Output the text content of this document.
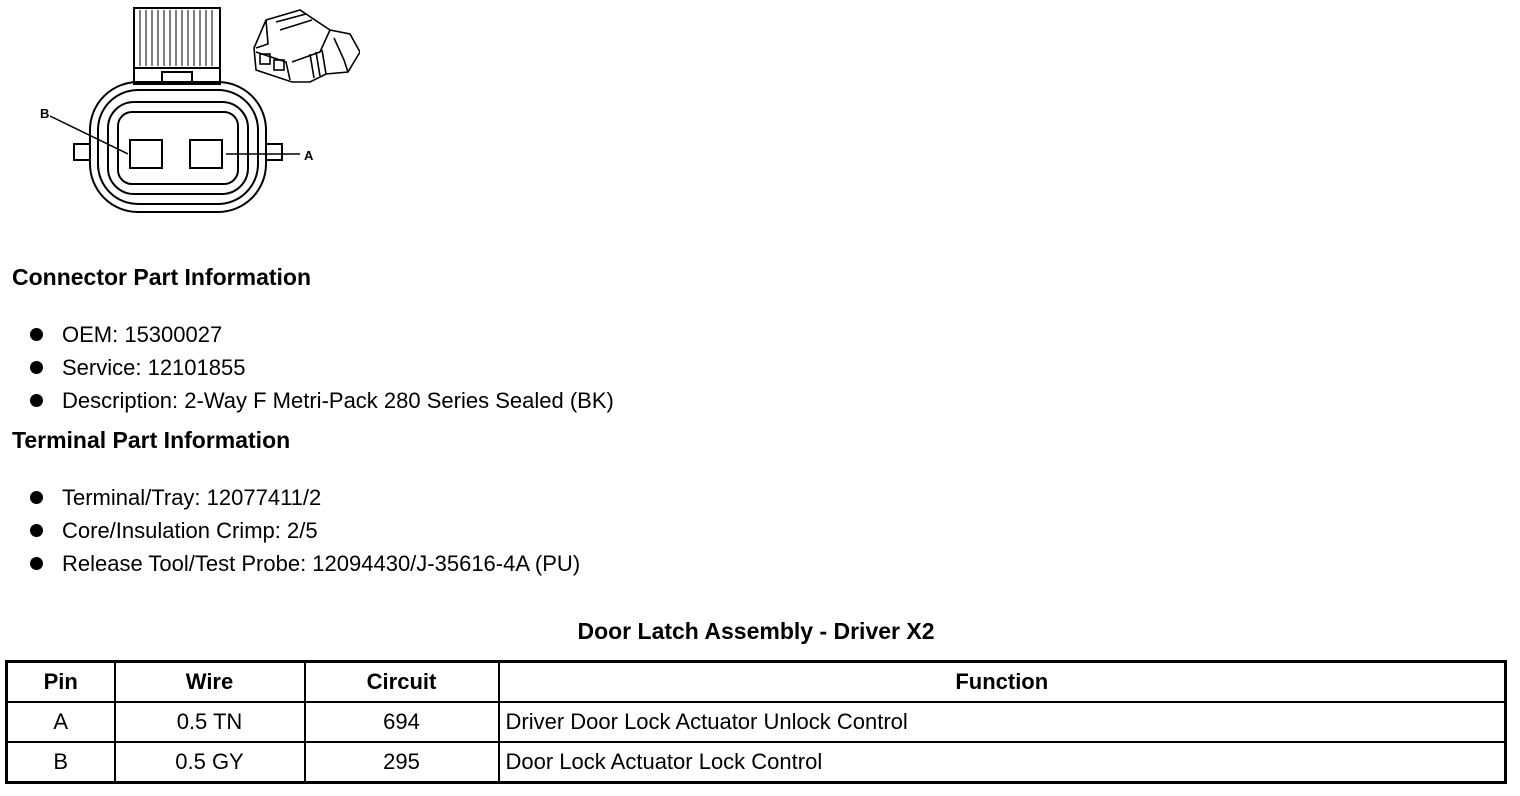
B
A
Connector Part Information
OEM: 15300027
Service: 12101855
Description: 2-Way F Metri-Pack 280 Series Sealed (BK)
Terminal Part Information
Terminal/Tray: 12077411/2
Core/Insulation Crimp: 2/5
Release Tool/Test Probe: 12094430/J-35616-4A (PU)
Door Latch Assembly - Driver X2
Pin	Wire	Circuit	Function
A	0.5 TN	694	Driver Door Lock Actuator Unlock Control
B	0.5 GY	295	Door Lock Actuator Lock Control
